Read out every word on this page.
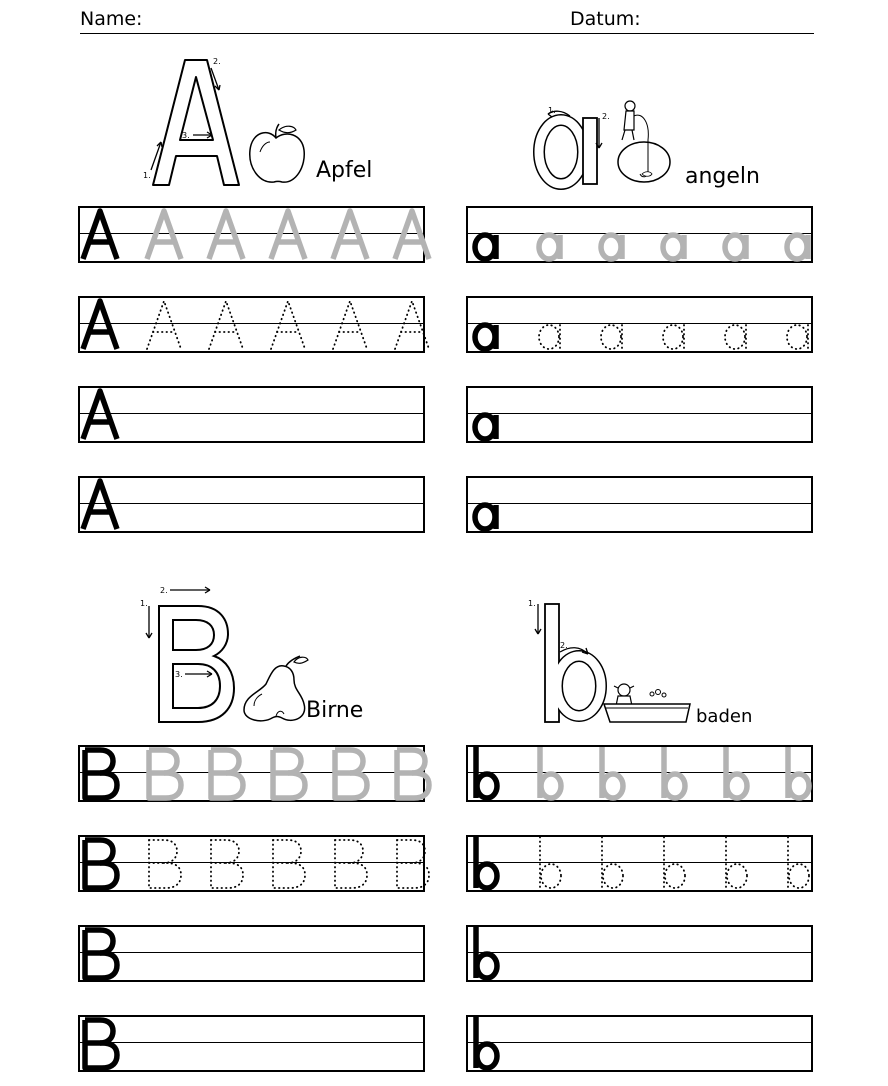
Name:	Datum:
1.
2.
3.
Apfel
1.
2.
angeln
1.
2.
3.
Birne
1.
2.
baden
